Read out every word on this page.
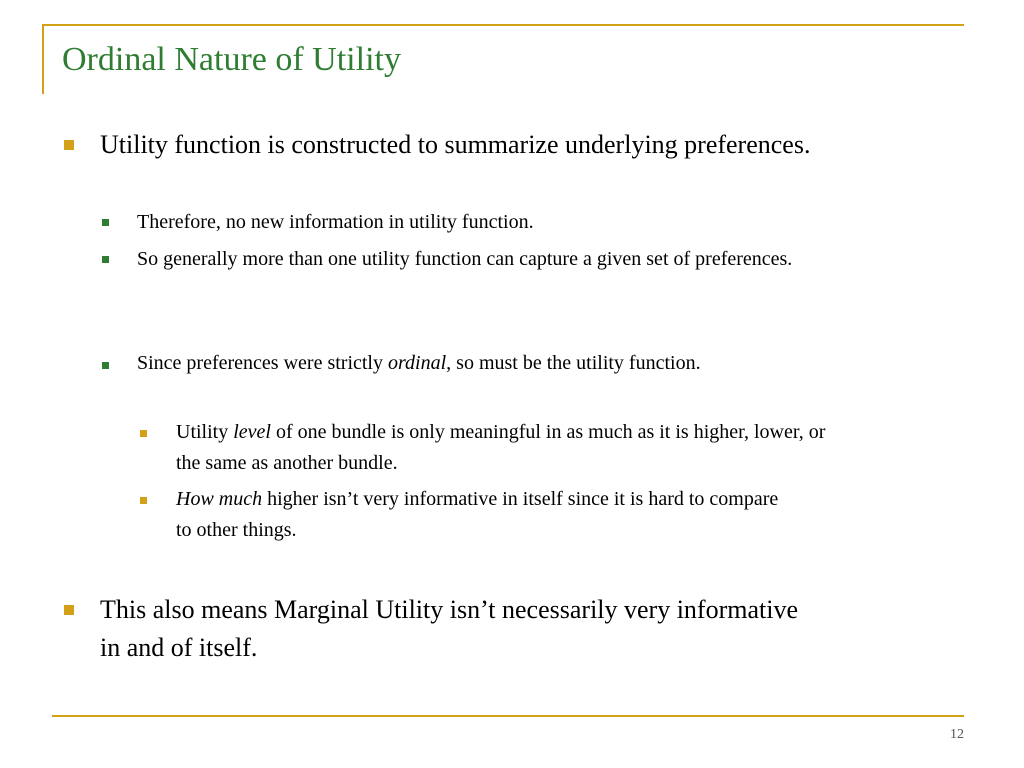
Ordinal Nature of Utility
Utility function is constructed to summarize underlying preferences.
Therefore, no new information in utility function.
So generally more than one utility function can capture a given set of preferences.
Since preferences were strictly ordinal, so must be the utility function.
Utility level of one bundle is only meaningful in as much as it is higher, lower, or the same as another bundle.
How much higher isn’t very informative in itself since it is hard to compare to other things.
This also means Marginal Utility isn’t necessarily very informative in and of itself.
12
